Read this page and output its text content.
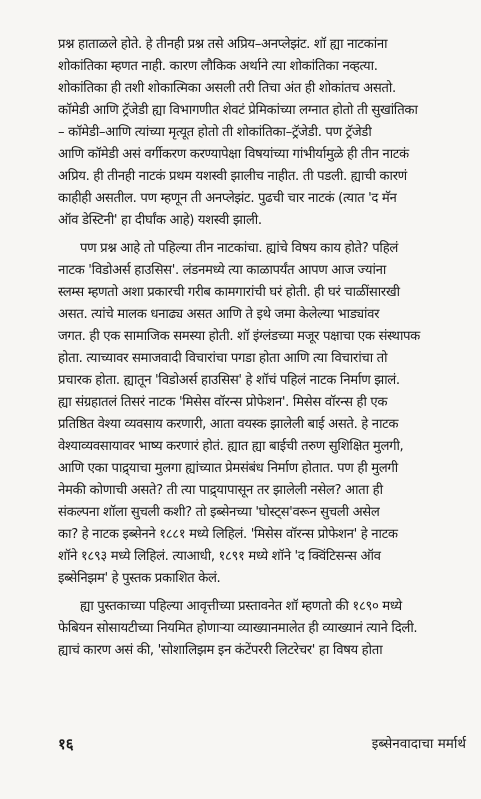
प्रश्न हाताळले होते. हे तीनही प्रश्न तसे अप्रिय–अनप्लेझंट. शॉ ह्या नाटकांना
शोकांतिका म्हणत नाही. कारण लौकिक अर्थाने त्या शोकांतिका नव्हत्या.
शोकांतिका ही तशी शोकात्मिका असली तरी तिचा अंत ही शोकांतच असतो.
कॉमेडी आणि ट्रॅजेडी ह्या विभागणीत शेवटं प्रेमिकांच्या लग्नात होतो ती सुखांतिका
– कॉमेडी–आणि त्यांच्या मृत्यूत होतो ती शोकांतिका–ट्रॅजेडी. पण ट्रॅजेडी
आणि कॉमेडी असं वर्गीकरण करण्यापेक्षा विषयांच्या गांभीर्यामुळे ही तीन नाटकं
अप्रिय. ही तीनही नाटकं प्रथम यशस्वी झालीच नाहीत. ती पडली. ह्याची कारणं
काहीही असतील. पण म्हणून ती अनप्लेझंट. पुढची चार नाटकं (त्यात 'द मॅन
ऑव डेस्टिनी' हा दीर्घांक आहे) यशस्वी झाली.
पण प्रश्न आहे तो पहिल्या तीन नाटकांचा. ह्यांचे विषय काय होते? पहिलं
नाटक 'विडोअर्स हाउसिस'. लंडनमध्ये त्या काळापर्यंत आपण आज ज्यांना
स्लम्स म्हणतो अशा प्रकारची गरीब कामगारांची घरं होती. ही घरं चाळींसारखी
असत. त्यांचे मालक धनाढ्य असत आणि ते इथे जमा केलेल्या भाड्यांवर
जगत. ही एक सामाजिक समस्या होती. शॉ इंग्लंडच्या मजूर पक्षाचा एक संस्थापक
होता. त्याच्यावर समाजवादी विचारांचा पगडा होता आणि त्या विचारांचा तो
प्रचारक होता. ह्यातून 'विडोअर्स हाउसिस' हे शॉचं पहिलं नाटक निर्माण झालं.
ह्या संग्रहातलं तिसरं नाटक 'मिसेस वॉरन्स प्रोफेशन'. मिसेस वॉरन्स ही एक
प्रतिष्ठित वेश्या व्यवसाय करणारी, आता वयस्क झालेली बाई असते. हे नाटक
वेश्याव्यवसायावर भाष्य करणारं होतं. ह्यात ह्या बाईची तरुण सुशिक्षित मुलगी,
आणि एका पाद्र्याचा मुलगा ह्यांच्यात प्रेमसंबंध निर्माण होतात. पण ही मुलगी
नेमकी कोणाची असते? ती त्या पाद्र्यापासून तर झालेली नसेल? आता ही
संकल्पना शॉला सुचली कशी? तो इब्सेनच्या 'घोस्ट्स'वरून सुचली असेल
का? हे नाटक इब्सेनने १८८१ मध्ये लिहिलं. 'मिसेस वॉरन्स प्रोफेशन' हे नाटक
शॉने १८९३ मध्ये लिहिलं. त्याआधी, १८९१ मध्ये शॉने 'द क्विंटिसन्स ऑव
इब्सेनिझम' हे पुस्तक प्रकाशित केलं.
ह्या पुस्तकाच्या पहिल्या आवृत्तीच्या प्रस्तावनेत शॉ म्हणतो की १८९० मध्ये
फेबियन सोसायटीच्या नियमित होणाऱ्या व्याख्यानमालेत ही व्याख्यानं त्याने दिली.
ह्याचं कारण असं की, 'सोशालिझम इन कंटेंपररी लिटरेचर' हा विषय होता
१६	इब्सेनवादाचा मर्मार्थ
